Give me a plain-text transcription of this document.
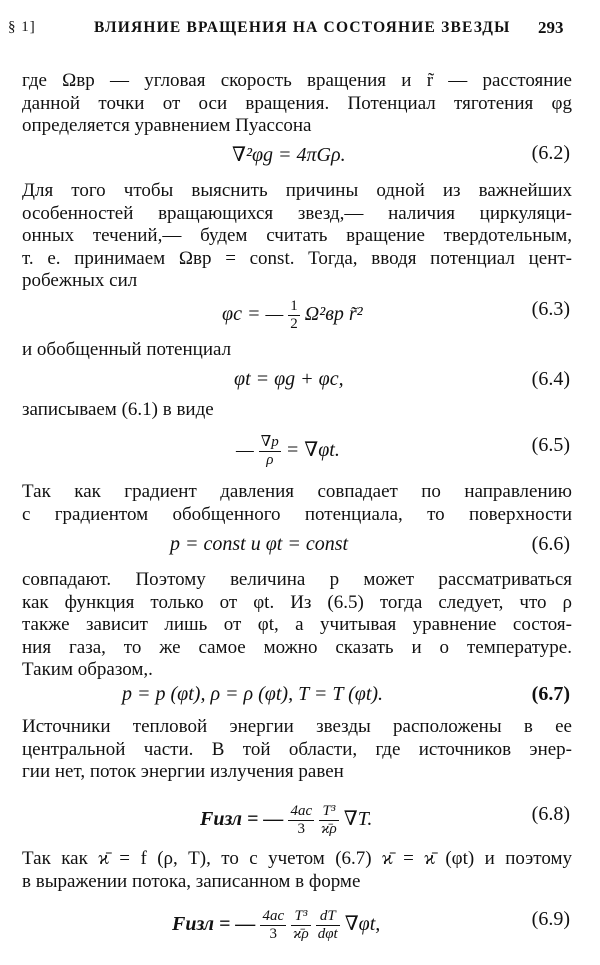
§ 1]	ВЛИЯНИЕ ВРАЩЕНИЯ НА СОСТОЯНИЕ ЗВЕЗДЫ 293

где Ωвр — угловая скорость вращения и r̃ — расстояние
данной точки от оси вращения. Потенциал тяготения φg
определяется уравнением Пуассона

∇²φg = 4πGρ.	(6.2)

Для того чтобы выяснить причины одной из важнейших
особенностей вращающихся звезд,— наличия циркуляци-
онных течений,— будем считать вращение твердотельным,
т. е. принимаем Ωвр = const. Тогда, вводя потенциал цент-
робежных сил

φc = — $\frac{1}{2} \Omega^2вр$ r̃²	(6.3)

и обобщенный потенциал

φt = φg + φc,	(6.4)

записываем (6.1) в виде

— $\frac{\nabla p}{\rho} = \nabla\varphi t$.	(6.5)

Так как градиент давления совпадает по направлению
с градиентом обобщенного потенциала, то поверхности

p = const и φt = const	(6.6)

совпадают. Поэтому величина p может рассматриваться
как функция только от φt. Из (6.5) тогда следует, что ρ
также зависит лишь от φt, а учитывая уравнение состоя-
ния газа, то же самое можно сказать и о температуре.
Таким образом,.

p = p (φt), ρ = ρ (φt), T = T (φt).	(6.7)

Источники тепловой энергии звезды расположены в ее
центральной части. В той области, где источников энер-
гии нет, поток энергии излучения равен

Fизл = — $\frac{4ac}{3}$
$\frac{\text{T³}}{ϰ̄\rho} \nabla T$.	(6.8)

Так как ϰ̄ = f (ρ, T), то с учетом (6.7) ϰ̄ = ϰ̄ (φt) и поэтому
в выражении потока, записанном в форме

Fизл = — $\frac{4ac}{3}$
$\frac{\text{T³}}{ϰ̄\rho}$
$\frac{dT}{\text{dφt}} \nabla\varphi t$,	(6.9)
